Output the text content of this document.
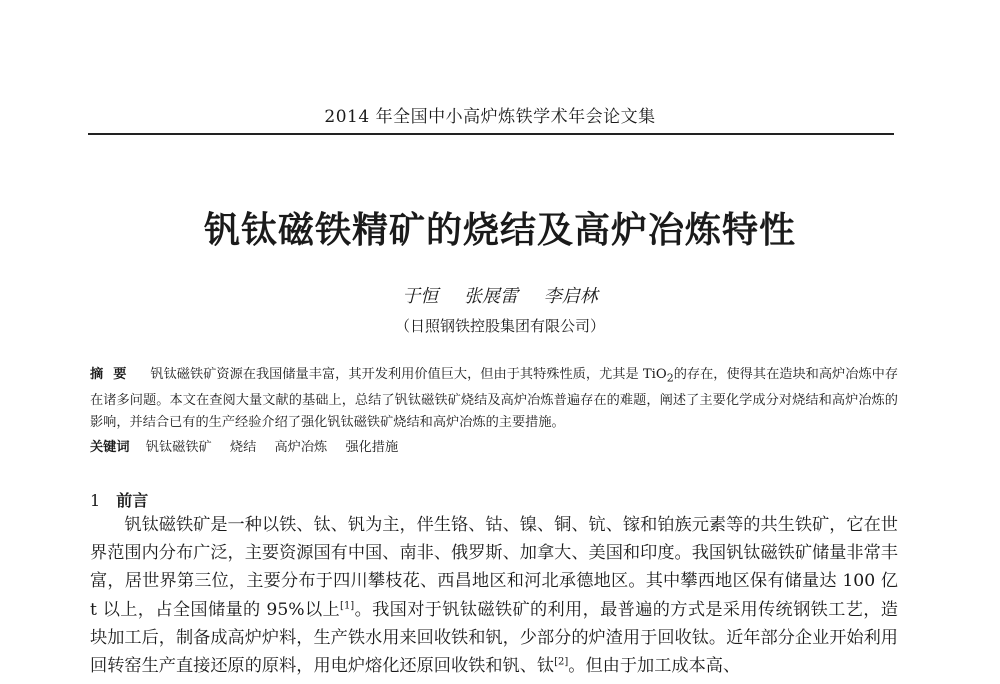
2014 年全国中小高炉炼铁学术年会论文集
钒钛磁铁精矿的烧结及高炉冶炼特性
于恒 张展雷 李启林
（日照钢铁控股集团有限公司）
摘要 钒钛磁铁矿资源在我国储量丰富，其开发利用价值巨大，但由于其特殊性质，尤其是 TiO$_2$的存在，使得其在造块和高炉冶炼中存在诸多问题。本文在查阅大量文献的基础上，总结了钒钛磁铁矿烧结及高炉冶炼普遍存在的难题，阐述了主要化学成分对烧结和高炉冶炼的影响，并结合已有的生产经验介绍了强化钒钛磁铁矿烧结和高炉冶炼的主要措施。
关键词 钒钛磁铁矿 烧结 高炉冶炼 强化措施
1 前言

钒钛磁铁矿是一种以铁、钛、钒为主，伴生铬、钴、镍、铜、钪、镓和铂族元素等的共生铁矿，它在世界范围内分布广泛，主要资源国有中国、南非、俄罗斯、加拿大、美国和印度。我国钒钛磁铁矿储量非常丰富，居世界第三位，主要分布于四川攀枝花、西昌地区和河北承德地区。其中攀西地区保有储量达 100 亿 t 以上，占全国储量的 95%以上[1]。我国对于钒钛磁铁矿的利用，最普遍的方式是采用传统钢铁工艺，造块加工后，制备成高炉炉料，生产铁水用来回收铁和钒，少部分的炉渣用于回收钛。近年部分企业开始利用回转窑生产直接还原的原料，用电炉熔化还原回收铁和钒、钛[2]。但由于加工成本高、
